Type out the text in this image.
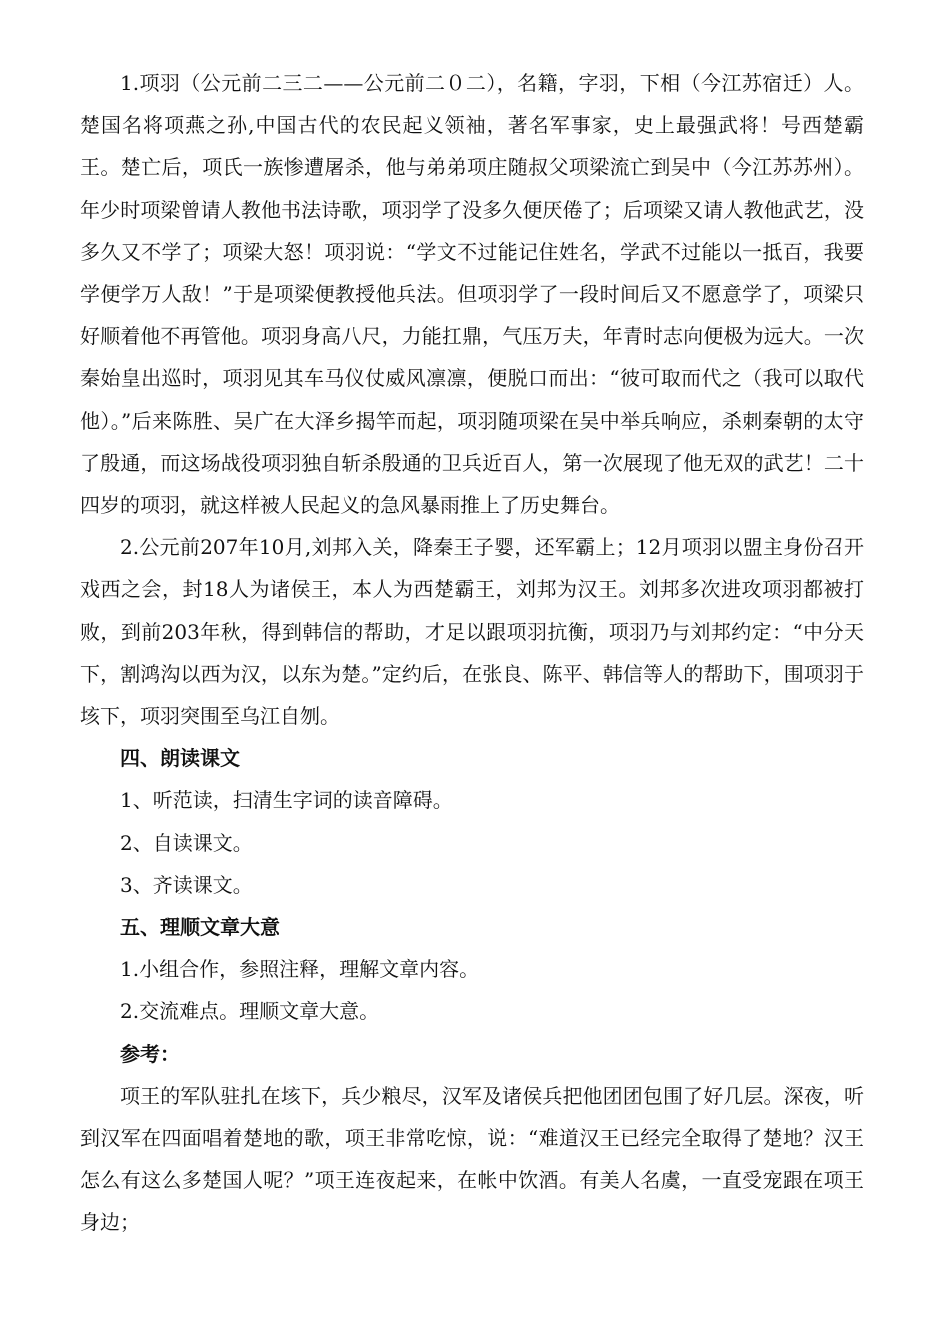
1.项羽（公元前二三二——公元前二０二），名籍，字羽，下相（今江苏宿迁）人。楚国名将项燕之孙,中国古代的农民起义领袖，著名军事家，史上最强武将！号西楚霸王。楚亡后，项氏一族惨遭屠杀，他与弟弟项庄随叔父项梁流亡到吴中（今江苏苏州）。年少时项梁曾请人教他书法诗歌，项羽学了没多久便厌倦了；后项梁又请人教他武艺，没多久又不学了；项梁大怒！项羽说：“学文不过能记住姓名，学武不过能以一抵百，我要学便学万人敌！”于是项梁便教授他兵法。但项羽学了一段时间后又不愿意学了，项梁只好顺着他不再管他。项羽身高八尺，力能扛鼎，气压万夫，年青时志向便极为远大。一次秦始皇出巡时，项羽见其车马仪仗威风凛凛，便脱口而出：“彼可取而代之（我可以取代他）。”后来陈胜、吴广在大泽乡揭竿而起，项羽随项梁在吴中举兵响应，杀刺秦朝的太守了殷通，而这场战役项羽独自斩杀殷通的卫兵近百人，第一次展现了他无双的武艺！二十四岁的项羽，就这样被人民起义的急风暴雨推上了历史舞台。

2.公元前207年10月,刘邦入关，降秦王子婴，还军霸上；12月项羽以盟主身份召开戏西之会，封18人为诸侯王，本人为西楚霸王，刘邦为汉王。刘邦多次进攻项羽都被打败，到前203年秋，得到韩信的帮助，才足以跟项羽抗衡，项羽乃与刘邦约定：“中分天下，割鸿沟以西为汉，以东为楚。”定约后，在张良、陈平、韩信等人的帮助下，围项羽于垓下，项羽突围至乌江自刎。

四、朗读课文

1、听范读，扫清生字词的读音障碍。

2、自读课文。

3、齐读课文。

五、理顺文章大意

1.小组合作，参照注释，理解文章内容。

2.交流难点。理顺文章大意。

参考：

项王的军队驻扎在垓下，兵少粮尽，汉军及诸侯兵把他团团包围了好几层。深夜，听到汉军在四面唱着楚地的歌，项王非常吃惊，说：“难道汉王已经完全取得了楚地？汉王怎么有这么多楚国人呢？”项王连夜起来，在帐中饮酒。有美人名虞，一直受宠跟在项王身边；
